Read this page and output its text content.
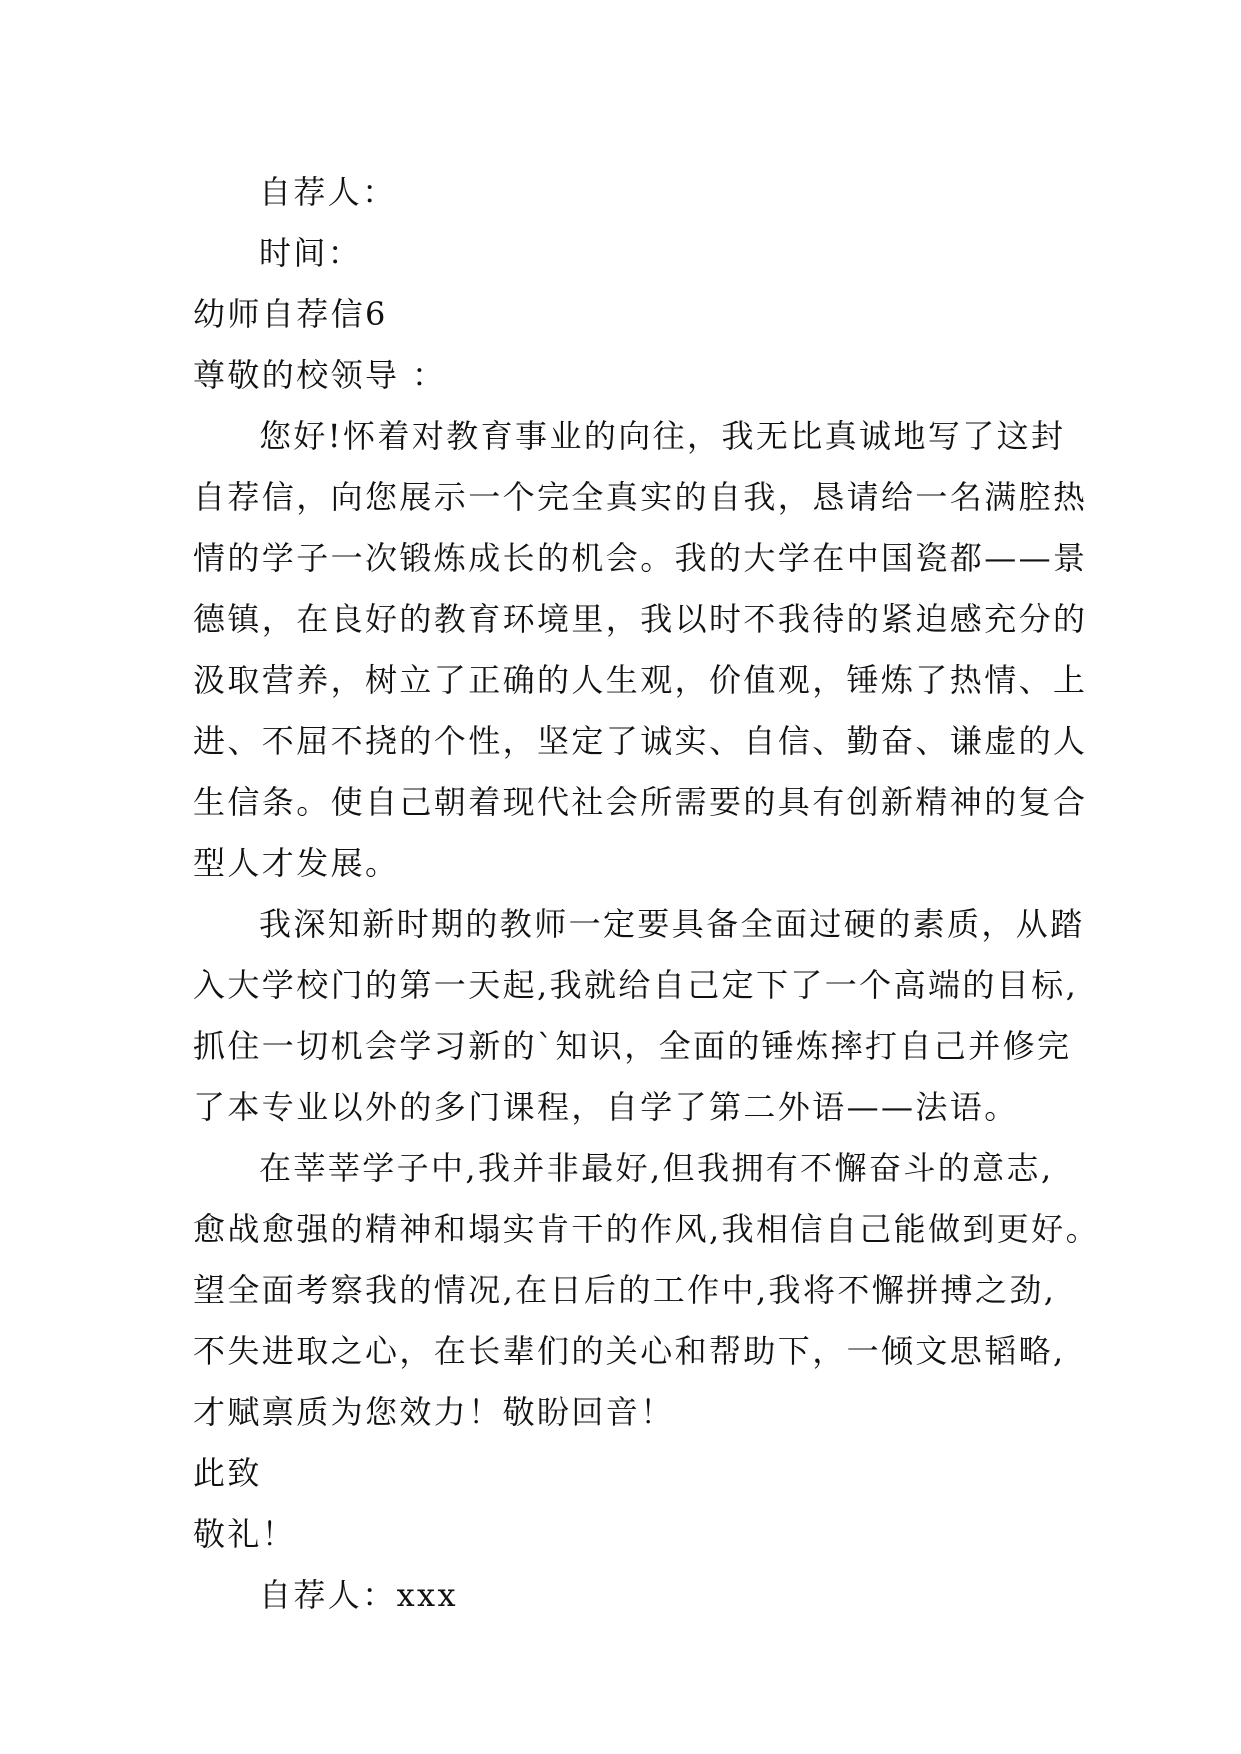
自荐人：
时间：
幼师自荐信6
尊敬的校领导 ：
您好!怀着对教育事业的向往，我无比真诚地写了这封
自荐信，向您展示一个完全真实的自我，恳请给一名满腔热
情的学子一次锻炼成长的机会。我的大学在中国瓷都——景
德镇，在良好的教育环境里，我以时不我待的紧迫感充分的
汲取营养，树立了正确的人生观，价值观，锤炼了热情、上
进、不屈不挠的个性，坚定了诚实、自信、勤奋、谦虚的人
生信条。使自己朝着现代社会所需要的具有创新精神的复合
型人才发展。
我深知新时期的教师一定要具备全面过硬的素质，从踏
入大学校门的第一天起,我就给自己定下了一个高端的目标,
抓住一切机会学习新的`知识，全面的锤炼摔打自己并修完
了本专业以外的多门课程，自学了第二外语——法语。
在莘莘学子中,我并非最好,但我拥有不懈奋斗的意志,
愈战愈强的精神和塌实肯干的作风,我相信自己能做到更好。
望全面考察我的情况,在日后的工作中,我将不懈拼搏之劲,
不失进取之心，在长辈们的关心和帮助下，一倾文思韬略,
才赋禀质为您效力！敬盼回音！
此致
敬礼！
自荐人：xxx
